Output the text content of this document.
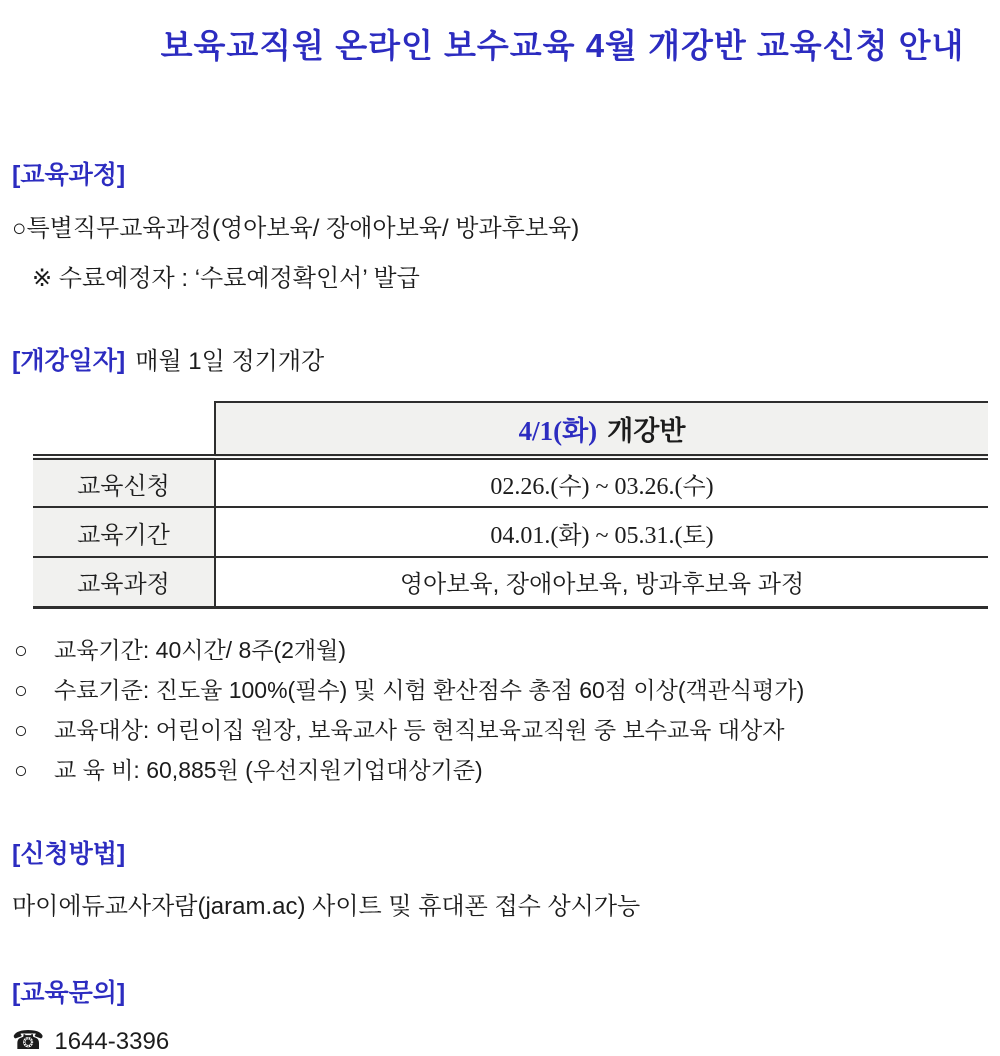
보육교직원 온라인 보수교육 4월 개강반 교육신청 안내
[교육과정]

○특별직무교육과정(영아보육/ 장애아보육/ 방과후보육)

※ 수료예정자 : ‘수료예정확인서’ 발급

[개강일자] 매월 1일 정기개강
	4/1(화) 개강반
교육신청	02.26.(수) ~ 03.26.(수)
교육기간	04.01.(화) ~ 05.31.(토)
교육과정	영아보육, 장애아보육, 방과후보육 과정
○ 교육기간: 40시간/ 8주(2개월)
○ 수료기준: 진도율 100%(필수) 및 시험 환산점수 총점 60점 이상(객관식평가)
○ 교육대상: 어린이집 원장, 보육교사 등 현직보육교직원 중 보수교육 대상자
○ 교 육 비: 60,885원 (우선지원기업대상기준)
[신청방법]

마이에듀교사자람(jaram.ac) 사이트 및 휴대폰 접수 상시가능

[교육문의]

☎ 1644-3396
